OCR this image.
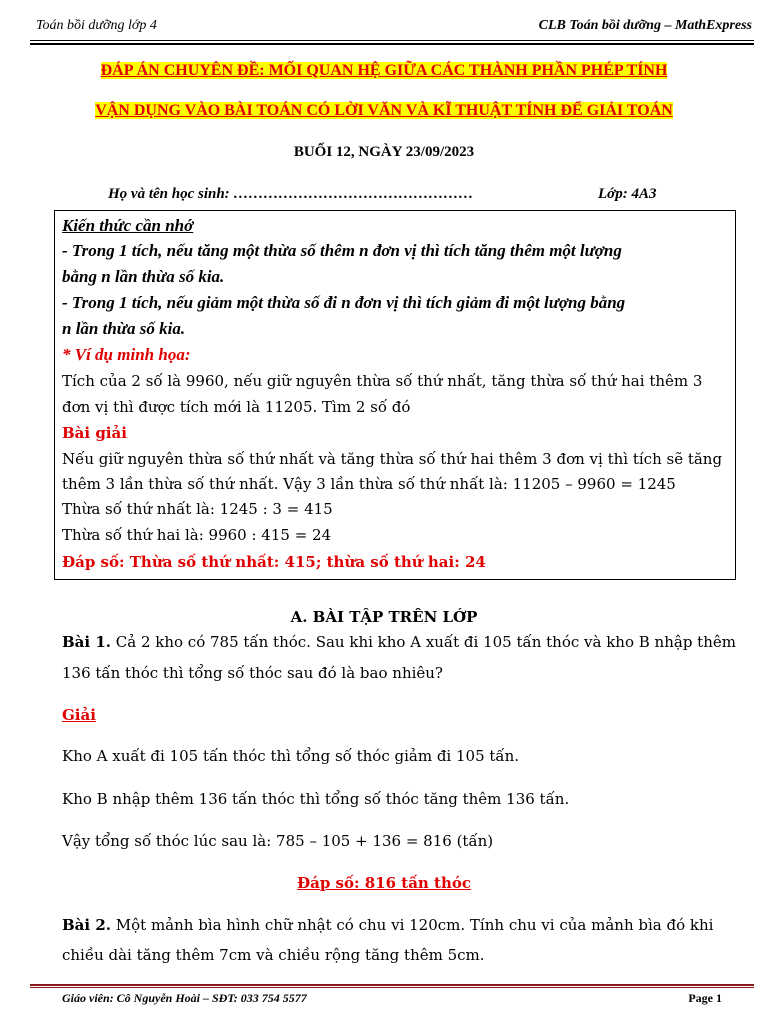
Toán bồi dưỡng lớp 4	CLB Toán bồi dưỡng – MathExpress
ĐÁP ÁN CHUYÊN ĐỀ: MỐI QUAN HỆ GIỮA CÁC THÀNH PHẦN PHÉP TÍNH
VẬN DỤNG VÀO BÀI TOÁN CÓ LỜI VĂN VÀ KĨ THUẬT TÍNH ĐỂ GIẢI TOÁN
BUỔI 12, NGÀY 23/09/2023
Họ và tên học sinh: …………………………………………	Lớp: 4A3
Kiến thức cần nhớ
- Trong 1 tích, nếu tăng một thừa số thêm n đơn vị thì tích tăng thêm một lượng
bằng n lần thừa số kia.
- Trong 1 tích, nếu giảm một thừa số đi n đơn vị thì tích giảm đi một lượng bằng
n lần thừa số kia.
* Ví dụ minh họa:
Tích của 2 số là 9960, nếu giữ nguyên thừa số thứ nhất, tăng thừa số thứ hai thêm 3
đơn vị thì được tích mới là 11205. Tìm 2 số đó
Bài giải
Nếu giữ nguyên thừa số thứ nhất và tăng thừa số thứ hai thêm 3 đơn vị thì tích sẽ tăng
thêm 3 lần thừa số thứ nhất. Vậy 3 lần thừa số thứ nhất là: 11205 – 9960 = 1245
Thừa số thứ nhất là: 1245 : 3 = 415
Thừa số thứ hai là: 9960 : 415 = 24
Đáp số: Thừa số thứ nhất: 415; thừa số thứ hai: 24
A. BÀI TẬP TRÊN LỚP
Bài 1. Cả 2 kho có 785 tấn thóc. Sau khi kho A xuất đi 105 tấn thóc và kho B nhập thêm
136 tấn thóc thì tổng số thóc sau đó là bao nhiêu?
Giải
Kho A xuất đi 105 tấn thóc thì tổng số thóc giảm đi 105 tấn.
Kho B nhập thêm 136 tấn thóc thì tổng số thóc tăng thêm 136 tấn.
Vậy tổng số thóc lúc sau là: 785 – 105 + 136 = 816 (tấn)
Đáp số: 816 tấn thóc
Bài 2. Một mảnh bìa hình chữ nhật có chu vi 120cm. Tính chu vi của mảnh bìa đó khi
chiều dài tăng thêm 7cm và chiều rộng tăng thêm 5cm.
Giáo viên: Cô Nguyễn Hoài – SĐT: 033 754 5577	Page 1
